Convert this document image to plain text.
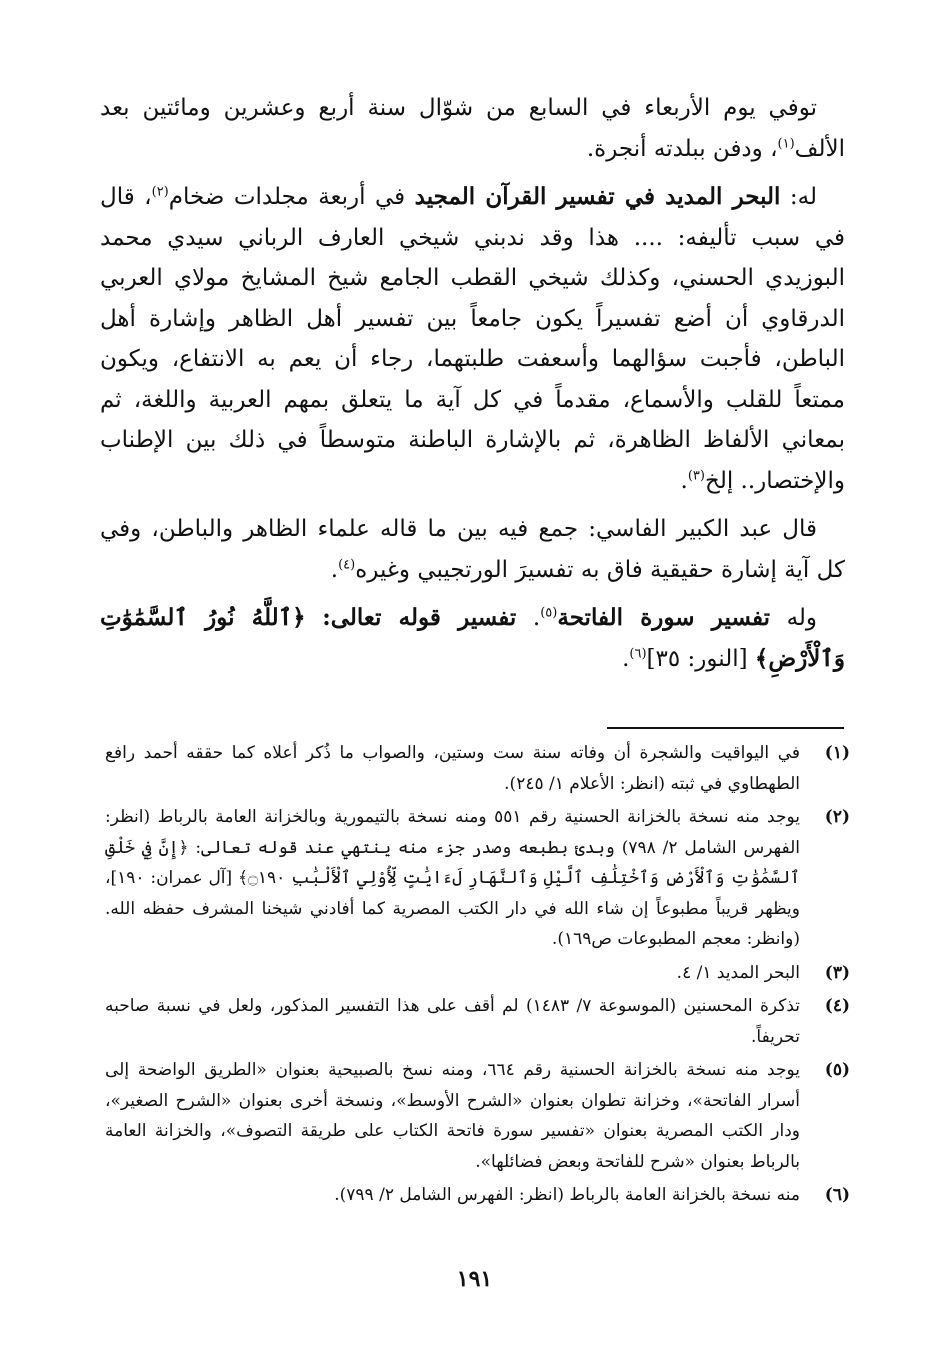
توفي يوم الأربعاء في السابع من شوّال سنة أربع وعشرين ومائتين بعد الألف$^{(١)}$، ودفن ببلدته أنجرة.

له: البحر المديد في تفسير القرآن المجيد في أربعة مجلدات ضخام$^{(٢)}$، قال في سبب تأليفه: .... هذا وقد ندبني شيخي العارف الرباني سيدي محمد البوزيدي الحسني، وكذلك شيخي القطب الجامع شيخ المشايخ مولاي العربي الدرقاوي أن أضع تفسيراً يكون جامعاً بين تفسير أهل الظاهر وإشارة أهل الباطن، فأجبت سؤالهما وأسعفت طلبتهما، رجاء أن يعم به الانتفاع، ويكون ممتعاً للقلب والأسماع، مقدماً في كل آية ما يتعلق بمهم العربية واللغة، ثم بمعاني الألفاظ الظاهرة، ثم بالإشارة الباطنة متوسطاً في ذلك بين الإطناب والإختصار.. إلخ$^{(٣)}$.

قال عبد الكبير الفاسي: جمع فيه بين ما قاله علماء الظاهر والباطن، وفي كل آية إشارة حقيقية فاق به تفسيرَ الورتجيبي وغيره$^{(٤)}$.

وله تفسير سورة الفاتحة$^{(٥)}$. تفسير قوله تعالى: ﴿ٱللَّهُ نُورُ ٱلسَّمَٰوَٰتِ وَٱلْأَرْضِ﴾ [النور: ٣٥]$^{(٦)}$.

(١)
في اليواقيت والشجرة أن وفاته سنة ست وستين، والصواب ما ذُكر أعلاه كما حققه أحمد رافع الطهطاوي في ثبته (انظر: الأعلام ١/ ٢٤٥).
(٢)
يوجد منه نسخة بالخزانة الحسنية رقم ٥٥١ ومنه نسخة بالتيمورية وبالخزانة العامة بالرباط (انظر: الفهرس الشامل ٢/ ٧٩٨) وبدئ بطبعه وصدر جزء منه ينتهي عند قوله تعالى: ﴿إِنَّ فِي خَلْقِ ٱلسَّمَٰوَٰتِ وَٱلْأَرْضِ وَٱخْتِلَٰفِ ٱلَّيْلِ وَٱلنَّهَارِ لَءَايَٰتٍ لِّأُوْلِي ٱلْأَلْبَٰبِ ۝١٩٠﴾ [آل عمران: ١٩٠]، ويظهر قريباً مطبوعاً إن شاء الله في دار الكتب المصرية كما أفادني شيخنا المشرف حفظه الله. (وانظر: معجم المطبوعات ص١٦٩).
(٣)
البحر المديد ١/ ٤.
(٤)
تذكرة المحسنين (الموسوعة ٧/ ١٤٨٣) لم أقف على هذا التفسير المذكور، ولعل في نسبة صاحبه تحريفاً.
(٥)
يوجد منه نسخة بالخزانة الحسنية رقم ٦٦٤، ومنه نسخ بالصبيحية بعنوان «الطريق الواضحة إلى أسرار الفاتحة»، وخزانة تطوان بعنوان «الشرح الأوسط»، ونسخة أخرى بعنوان «الشرح الصغير»، ودار الكتب المصرية بعنوان «تفسير سورة فاتحة الكتاب على طريقة التصوف»، والخزانة العامة بالرباط بعنوان «شرح للفاتحة وبعض فضائلها».
(٦)
منه نسخة بالخزانة العامة بالرباط (انظر: الفهرس الشامل ٢/ ٧٩٩).
١٩١
